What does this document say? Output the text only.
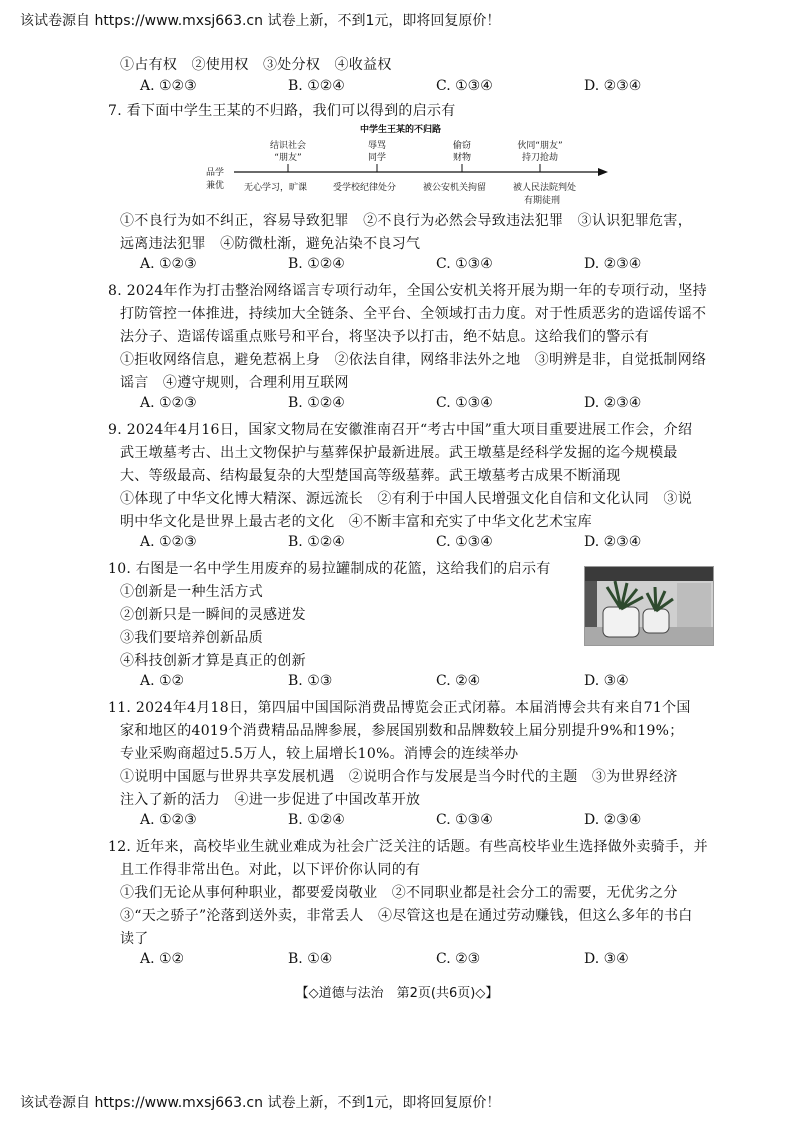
该试卷源自 https://www.mxsj663.cn 试卷上新，不到1元，即将回复原价！
①占有权　②使用权　③处分权　④收益权
A. ①②③	B. ①②④	C. ①③④	D. ②③④
7. 看下面中学生王某的不归路，我们可以得到的启示有
中学生王某的不归路
品学
兼优
结识社会
“朋友”
辱骂
同学
偷窃
财物
伙同“朋友”
持刀抢劫
无心学习，旷课	受学校纪律处分	被公安机关拘留	被人民法院判处
有期徒刑
①不良行为如不纠正，容易导致犯罪　②不良行为必然会导致违法犯罪　③认识犯罪危害，
远离违法犯罪　④防微杜渐，避免沾染不良习气
A. ①②③	B. ①②④	C. ①③④	D. ②③④
8. 2024年作为打击整治网络谣言专项行动年，全国公安机关将开展为期一年的专项行动，坚持
打防管控一体推进，持续加大全链条、全平台、全领域打击力度。对于性质恶劣的造谣传谣不
法分子、造谣传谣重点账号和平台，将坚决予以打击，绝不姑息。这给我们的警示有
①拒收网络信息，避免惹祸上身　②依法自律，网络非法外之地　③明辨是非，自觉抵制网络
谣言　④遵守规则，合理利用互联网
A. ①②③	B. ①②④	C. ①③④	D. ②③④
9. 2024年4月16日，国家文物局在安徽淮南召开“考古中国”重大项目重要进展工作会，介绍
武王墩墓考古、出土文物保护与墓葬保护最新进展。武王墩墓是经科学发掘的迄今规模最
大、等级最高、结构最复杂的大型楚国高等级墓葬。武王墩墓考古成果不断涌现
①体现了中华文化博大精深、源远流长　②有利于中国人民增强文化自信和文化认同　③说
明中华文化是世界上最古老的文化　④不断丰富和充实了中华文化艺术宝库
A. ①②③	B. ①②④	C. ①③④	D. ②③④
10. 右图是一名中学生用废弃的易拉罐制成的花篮，这给我们的启示有
①创新是一种生活方式
②创新只是一瞬间的灵感迸发
③我们要培养创新品质
④科技创新才算是真正的创新
A. ①②	B. ①③	C. ②④	D. ③④
11. 2024年4月18日，第四届中国国际消费品博览会正式闭幕。本届消博会共有来自71个国
家和地区的4019个消费精品品牌参展，参展国别数和品牌数较上届分别提升9%和19%；
专业采购商超过5.5万人，较上届增长10%。消博会的连续举办
①说明中国愿与世界共享发展机遇　②说明合作与发展是当今时代的主题　③为世界经济
注入了新的活力　④进一步促进了中国改革开放
A. ①②③	B. ①②④	C. ①③④	D. ②③④
12. 近年来，高校毕业生就业难成为社会广泛关注的话题。有些高校毕业生选择做外卖骑手，并
且工作得非常出色。对此，以下评价你认同的有
①我们无论从事何种职业，都要爱岗敬业　②不同职业都是社会分工的需要，无优劣之分
③“天之骄子”沦落到送外卖，非常丢人　④尽管这也是在通过劳动赚钱，但这么多年的书白
读了
A. ①②	B. ①④	C. ②③	D. ③④
【◇道德与法治　第2页(共6页)◇】
该试卷源自 https://www.mxsj663.cn 试卷上新，不到1元，即将回复原价！
